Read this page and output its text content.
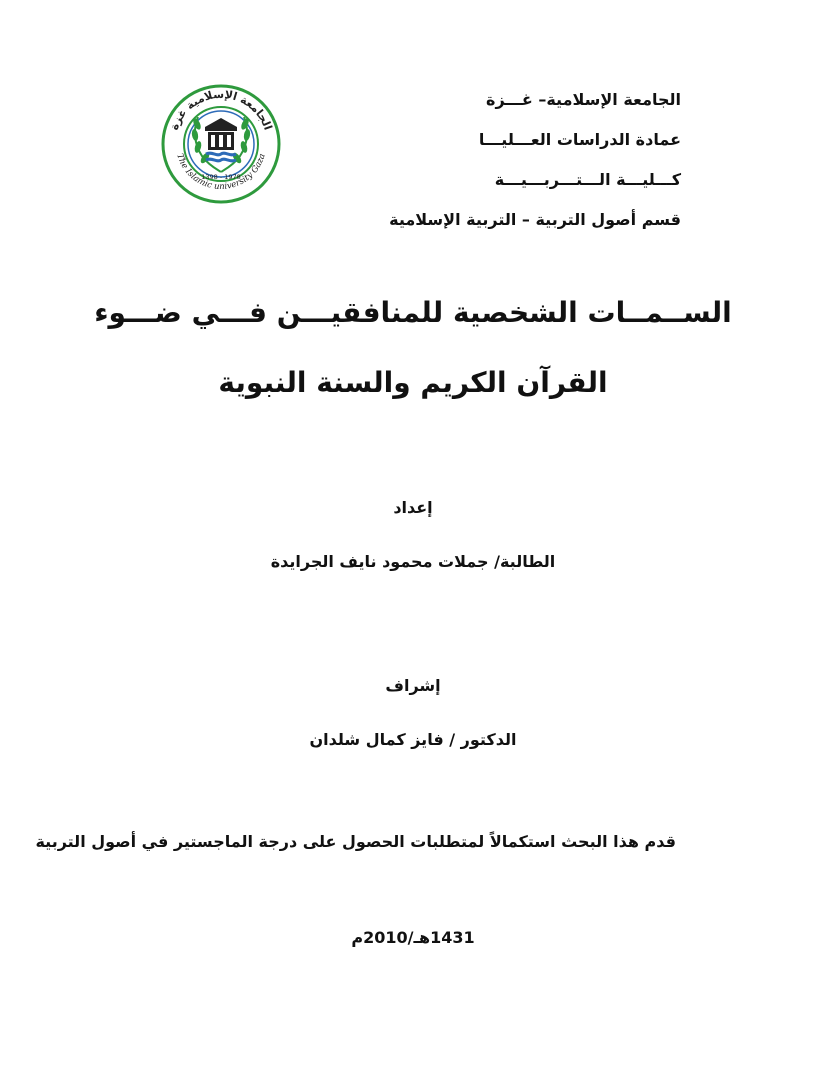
الجامعة الإسلامية– غـــزة
عمادة الدراسات العـــليـــا
كـــليـــة الـــتـــربـــيـــة
قسم أصول التربية – التربية الإسلامية
الجامعة الإسلامية غزة
The Islamic university Gaza
1978 - 1398
الســمــات الشخصية للمنافقيـــن فـــي ضـــوء
القرآن الكريم والسنة النبوية
إعداد
الطالبة/ جملات محمود نايف الجرايدة
إشراف
الدكتور / فايز كمال شلدان
قدم هذا البحث استكمالاً لمتطلبات الحصول على درجة الماجستير في أصول التربية
1431هـ/2010م
